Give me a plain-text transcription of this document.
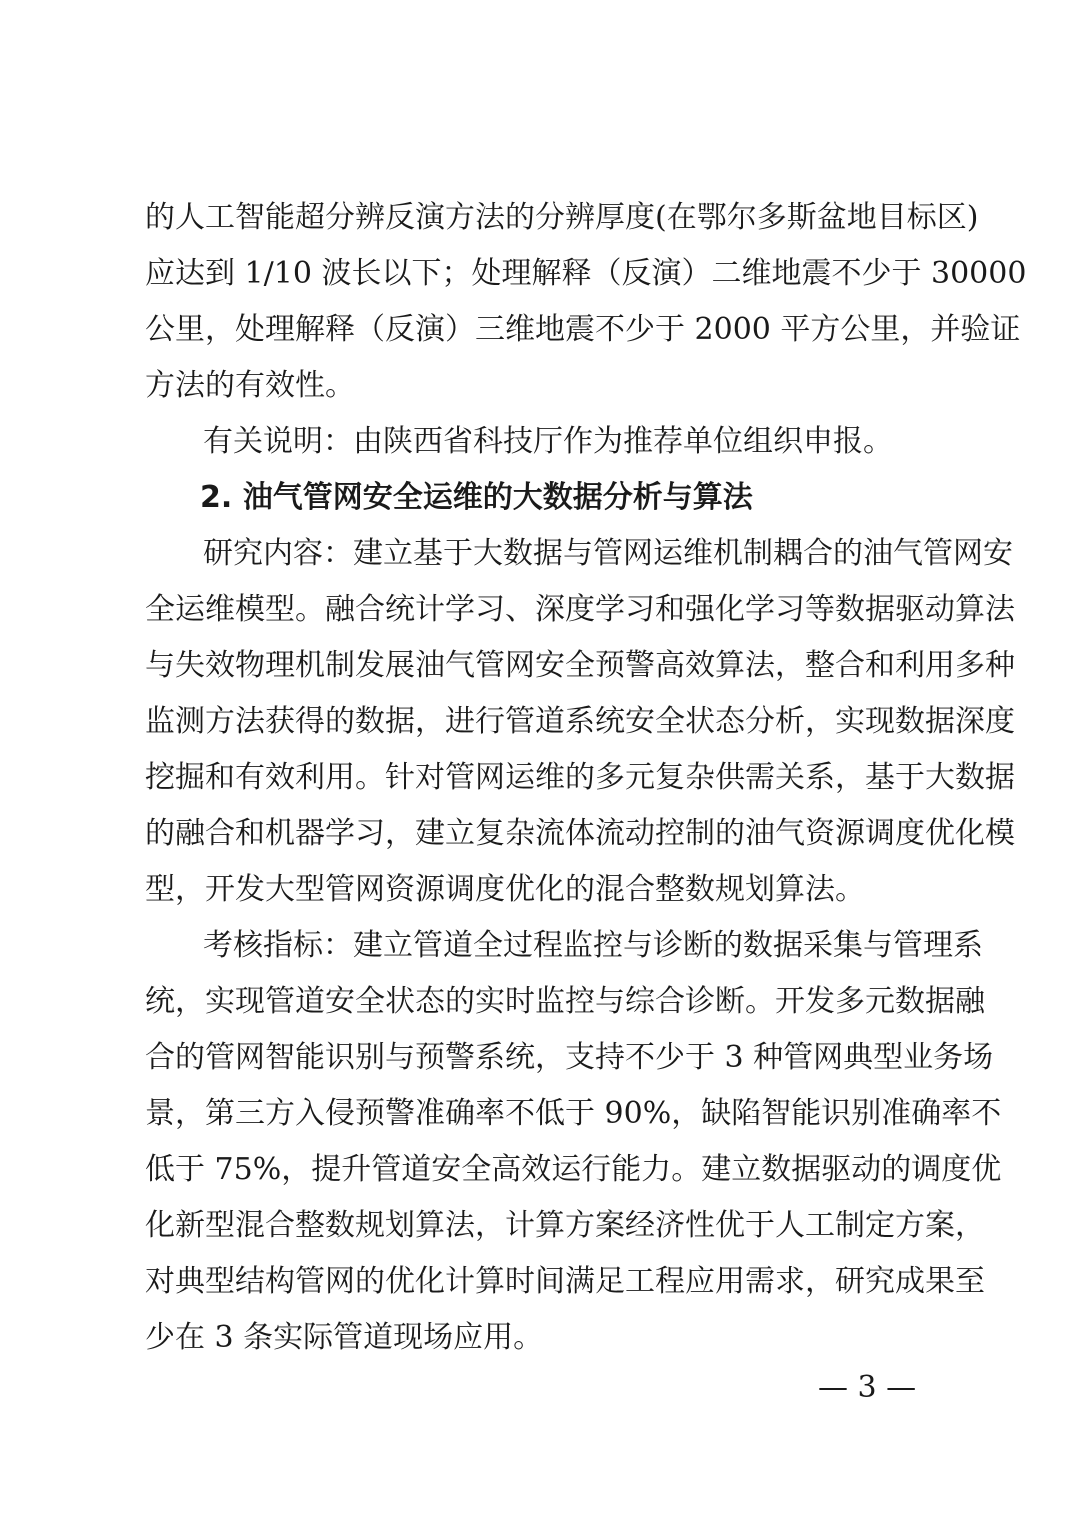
的人工智能超分辨反演方法的分辨厚度(在鄂尔多斯盆地目标区)
应达到 1/10 波长以下；处理解释（反演）二维地震不少于 30000
公里，处理解释（反演）三维地震不少于 2000 平方公里，并验证
方法的有效性。
有关说明：由陕西省科技厅作为推荐单位组织申报。
2. 油气管网安全运维的大数据分析与算法
研究内容：建立基于大数据与管网运维机制耦合的油气管网安
全运维模型。融合统计学习、深度学习和强化学习等数据驱动算法
与失效物理机制发展油气管网安全预警高效算法，整合和利用多种
监测方法获得的数据，进行管道系统安全状态分析，实现数据深度
挖掘和有效利用。针对管网运维的多元复杂供需关系，基于大数据
的融合和机器学习，建立复杂流体流动控制的油气资源调度优化模
型，开发大型管网资源调度优化的混合整数规划算法。
考核指标：建立管道全过程监控与诊断的数据采集与管理系
统，实现管道安全状态的实时监控与综合诊断。开发多元数据融
合的管网智能识别与预警系统，支持不少于 3 种管网典型业务场
景，第三方入侵预警准确率不低于 90%，缺陷智能识别准确率不
低于 75%，提升管道安全高效运行能力。建立数据驱动的调度优
化新型混合整数规划算法，计算方案经济性优于人工制定方案，
对典型结构管网的优化计算时间满足工程应用需求，研究成果至
少在 3 条实际管道现场应用。
— 3 —
